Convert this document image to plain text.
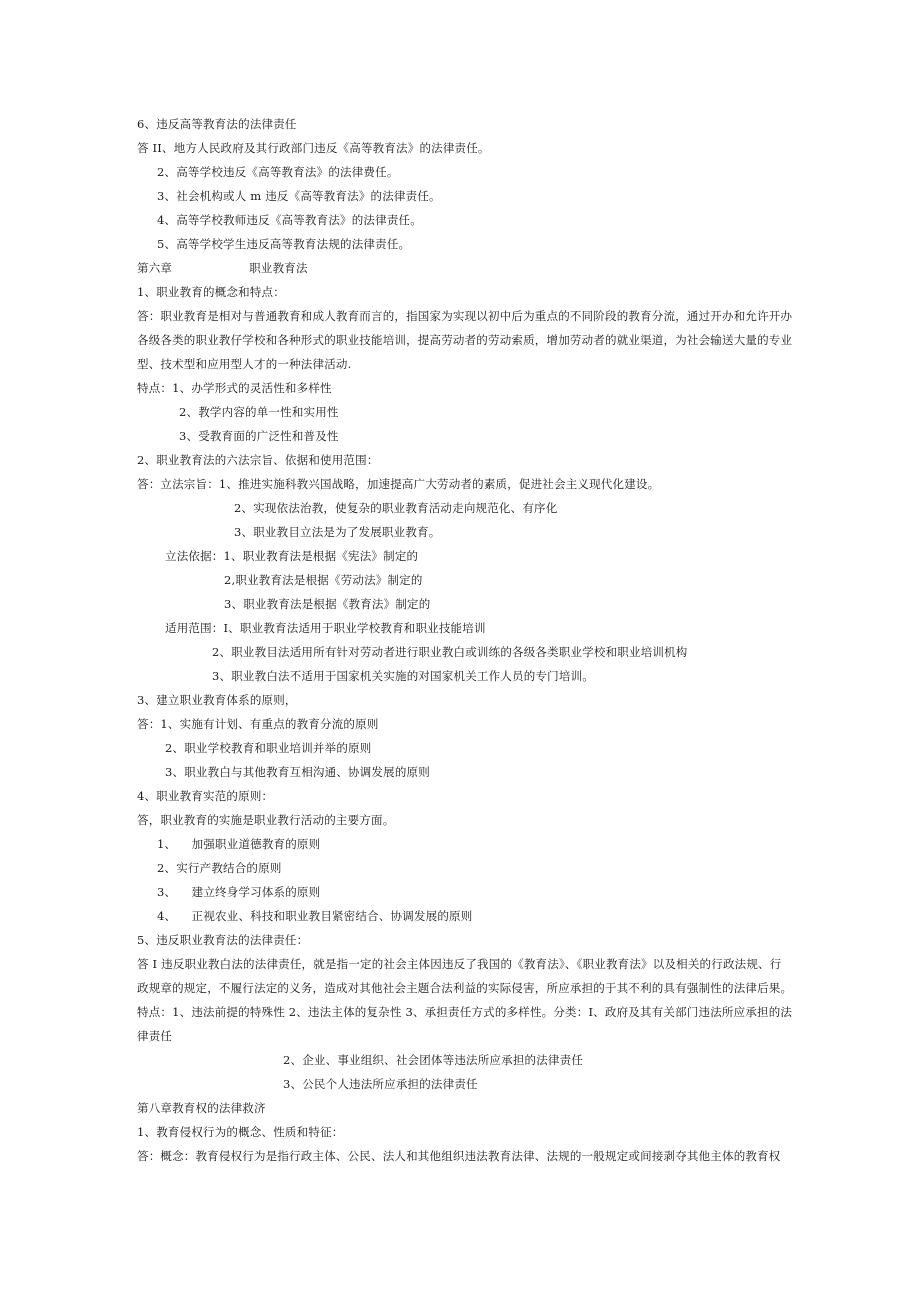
6、违反高等教育法的法律责任
答 II、地方人民政府及其行政部门违反《高等教育法》的法律责任。
2、高等学校违反《高等教育法》的法律费任。
3、社会机构或人 m 违反《高等教育法》的法律责任。
4、高等学校教师违反《高等教育法》的法律责任。
5、高等学校学生违反高等教育法规的法律责任。
第六章                    职业教育法
1、职业教育的概念和特点：
答：职业教育是相对与普通教育和成人教育而言的，指国家为实现以初中后为重点的不同阶段的教育分流，通过开办和允许开办
各级各类的职业教仔学校和各种形式的职业技能培训，提高劳动者的劳动索质，增加劳动者的就业渠道，为社会输送大量的专业
型、技术型和应用型人才的一种法律活动.
特点：1、办学形式的灵活性和多样性
2、教学内容的单一性和实用性
3、受教育面的广泛性和普及性
2、职业教育法的六法宗旨、依据和使用范围：
答：立法宗旨：1、推进实施科教兴国战略，加速提高广大劳动者的素质，促进社会主义现代化建设。
2、实现依法治教，使复杂的职业教育活动走向规范化、有序化
3、职业教目立法是为了发展职业教育。
立法依据：1、职业教育法是根据《宪法》制定的
2,职业教育法是根据《劳动法》制定的
3、职业教育法是根据《教育法》制定的
适用范围：I、职业教育法适用于职业学校教育和职业技能培训
2、职业教目法适用所有针对劳动者进行职业教白或训练的各级各类职业学校和职业培训机构
3、职业教白法不适用于国家机关实施的对国家机关工作人员的专门培训。
3、建立职业教育体系的原则，
答：1、实施有计划、有重点的教育分流的原则
2、职业学校教育和职业培训并举的原则
3、职业教白与其他教育互相沟通、协调发展的原则
4、职业教育实范的原则：
答，职业教育的实施是职业教行活动的主要方面。
1、    加强职业道德教育的原则
2、实行产教结合的原则
3、    建立终身学习体系的原则
4、    正视农业、科技和职业教目紧密结合、协调发展的原则
5、违反职业教育法的法律责任：
答 I 违反职业教白法的法律责任，就是指一定的社会主体因违反了我国的《教育法》、《职业教育法》以及相关的行政法规、行
政规章的规定，不履行法定的义务，造成对其他社会主题合法利益的实际侵害，所应承担的于其不利的具有强制性的法律后果。
特点：1、违法前提的特殊性 2、违法主体的复杂性 3、承担责任方式的多样性。分类：I、政府及其有关部门违法所应承担的法
律责任
2、企业、事业组织、社会团体等违法所应承担的法律责任
3、公民个人违法所应承担的法律责任
第八章教育权的法律救济
1、教育侵权行为的概念、性质和特征：
答：概念：教育侵权行为是指行政主体、公民、法人和其他组织违法教育法律、法规的一般规定或间接剥夺其他主体的教育权
